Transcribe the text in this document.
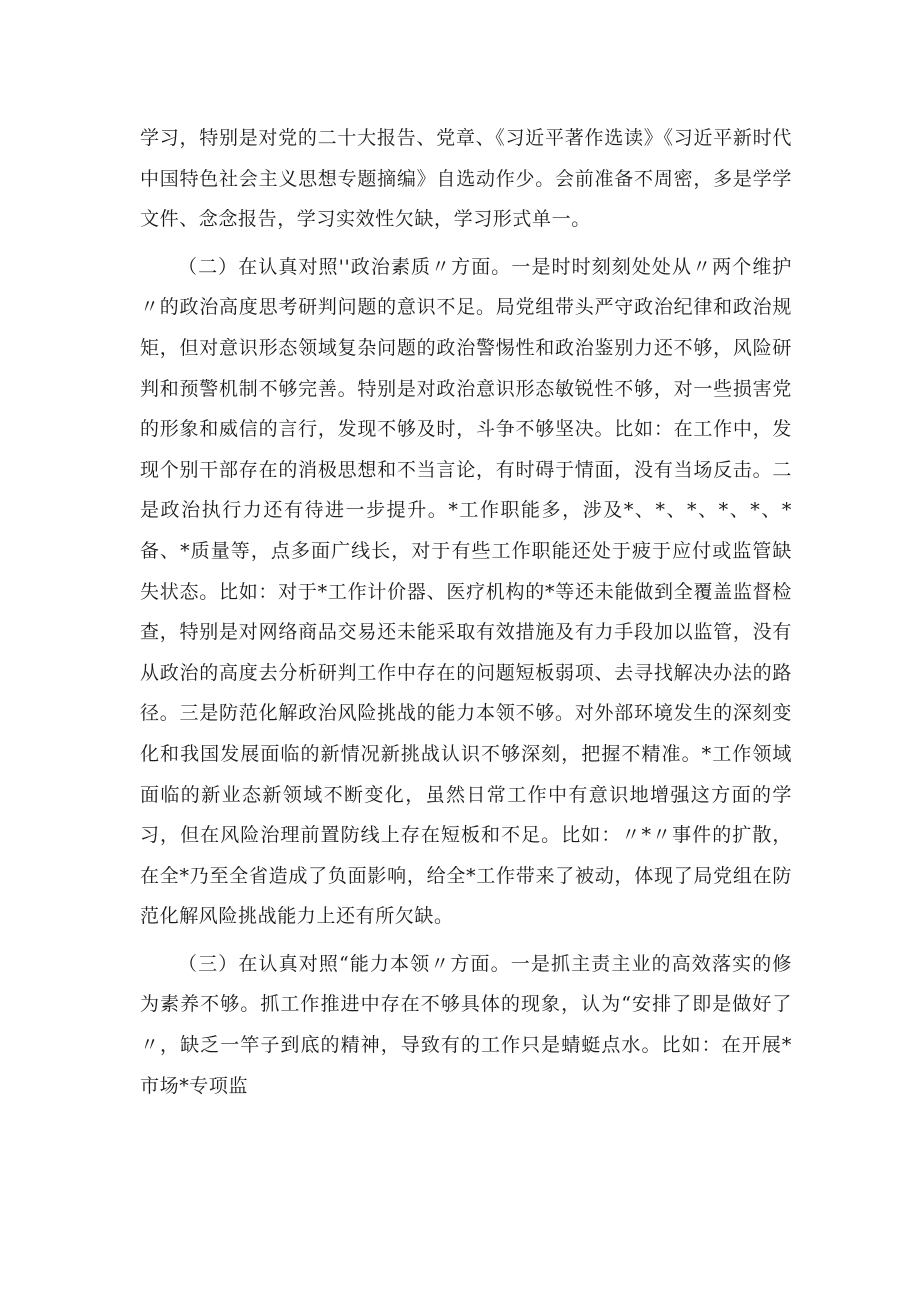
学习，特别是对党的二十大报告、党章、《习近平著作选读》《习近平新时代中国特色社会主义思想专题摘编》自选动作少。会前准备不周密，多是学学文件、念念报告，学习实效性欠缺，学习形式单一。

（二）在认真对照''政治素质〃方面。一是时时刻刻处处从〃两个维护〃的政治高度思考研判问题的意识不足。局党组带头严守政治纪律和政治规矩，但对意识形态领域复杂问题的政治警惕性和政治鉴别力还不够，风险研判和预警机制不够完善。特别是对政治意识形态敏锐性不够，对一些损害党的形象和威信的言行，发现不够及时，斗争不够坚决。比如：在工作中，发现个别干部存在的消极思想和不当言论，有时碍于情面，没有当场反击。二是政治执行力还有待进一步提升。*工作职能多，涉及*、*、*、*、*、*备、*质量等，点多面广线长，对于有些工作职能还处于疲于应付或监管缺失状态。比如：对于*工作计价器、医疗机构的*等还未能做到全覆盖监督检查，特别是对网络商品交易还未能采取有效措施及有力手段加以监管，没有从政治的高度去分析研判工作中存在的问题短板弱项、去寻找解决办法的路径。三是防范化解政治风险挑战的能力本领不够。对外部环境发生的深刻变化和我国发展面临的新情况新挑战认识不够深刻，把握不精准。*工作领域面临的新业态新领域不断变化，虽然日常工作中有意识地增强这方面的学习，但在风险治理前置防线上存在短板和不足。比如：〃*〃事件的扩散，在全*乃至全省造成了负面影响，给全*工作带来了被动，体现了局党组在防范化解风险挑战能力上还有所欠缺。

（三）在认真对照“能力本领〃方面。一是抓主责主业的高效落实的修为素养不够。抓工作推进中存在不够具体的现象，认为“安排了即是做好了〃，缺乏一竿子到底的精神，导致有的工作只是蜻蜓点水。比如：在开展*市场*专项监
